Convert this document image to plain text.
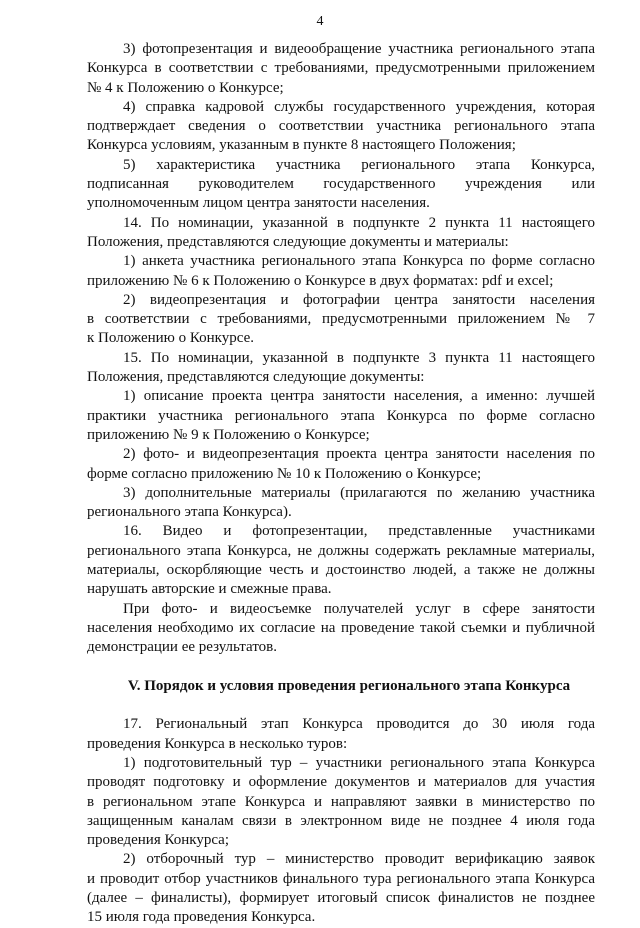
4
3) фотопрезентация и видеообращение участника регионального этапа
Конкурса в соответствии с требованиями, предусмотренными приложением
№ 4 к Положению о Конкурсе;
4) справка кадровой службы государственного учреждения, которая
подтверждает сведения о соответствии участника регионального этапа
Конкурса условиям, указанным в пункте 8 настоящего Положения;
5) характеристика участника регионального этапа Конкурса,
подписанная руководителем государственного учреждения или
уполномоченным лицом центра занятости населения.
14. По номинации, указанной в подпункте 2 пункта 11 настоящего
Положения, представляются следующие документы и материалы:
1) анкета участника регионального этапа Конкурса по форме согласно
приложению № 6 к Положению о Конкурсе в двух форматах: pdf и excel;
2) видеопрезентация и фотографии центра занятости населения
в соответствии с требованиями, предусмотренными приложением № 7
к Положению о Конкурсе.
15. По номинации, указанной в подпункте 3 пункта 11 настоящего
Положения, представляются следующие документы:
1) описание проекта центра занятости населения, а именно: лучшей
практики участника регионального этапа Конкурса по форме согласно
приложению № 9 к Положению о Конкурсе;
2) фото- и видеопрезентация проекта центра занятости населения по
форме согласно приложению № 10 к Положению о Конкурсе;
3) дополнительные материалы (прилагаются по желанию участника
регионального этапа Конкурса).
16. Видео и фотопрезентации, представленные участниками
регионального этапа Конкурса, не должны содержать рекламные материалы,
материалы, оскорбляющие честь и достоинство людей, а также не должны
нарушать авторские и смежные права.
При фото- и видеосъемке получателей услуг в сфере занятости
населения необходимо их согласие на проведение такой съемки и публичной
демонстрации ее результатов.
V. Порядок и условия проведения регионального этапа Конкурса
17. Региональный этап Конкурса проводится до 30 июля года
проведения Конкурса в несколько туров:
1) подготовительный тур – участники регионального этапа Конкурса
проводят подготовку и оформление документов и материалов для участия
в региональном этапе Конкурса и направляют заявки в министерство по
защищенным каналам связи в электронном виде не позднее 4 июля года
проведения Конкурса;
2) отборочный тур – министерство проводит верификацию заявок
и проводит отбор участников финального тура регионального этапа Конкурса
(далее – финалисты), формирует итоговый список финалистов не позднее
15 июля года проведения Конкурса.
